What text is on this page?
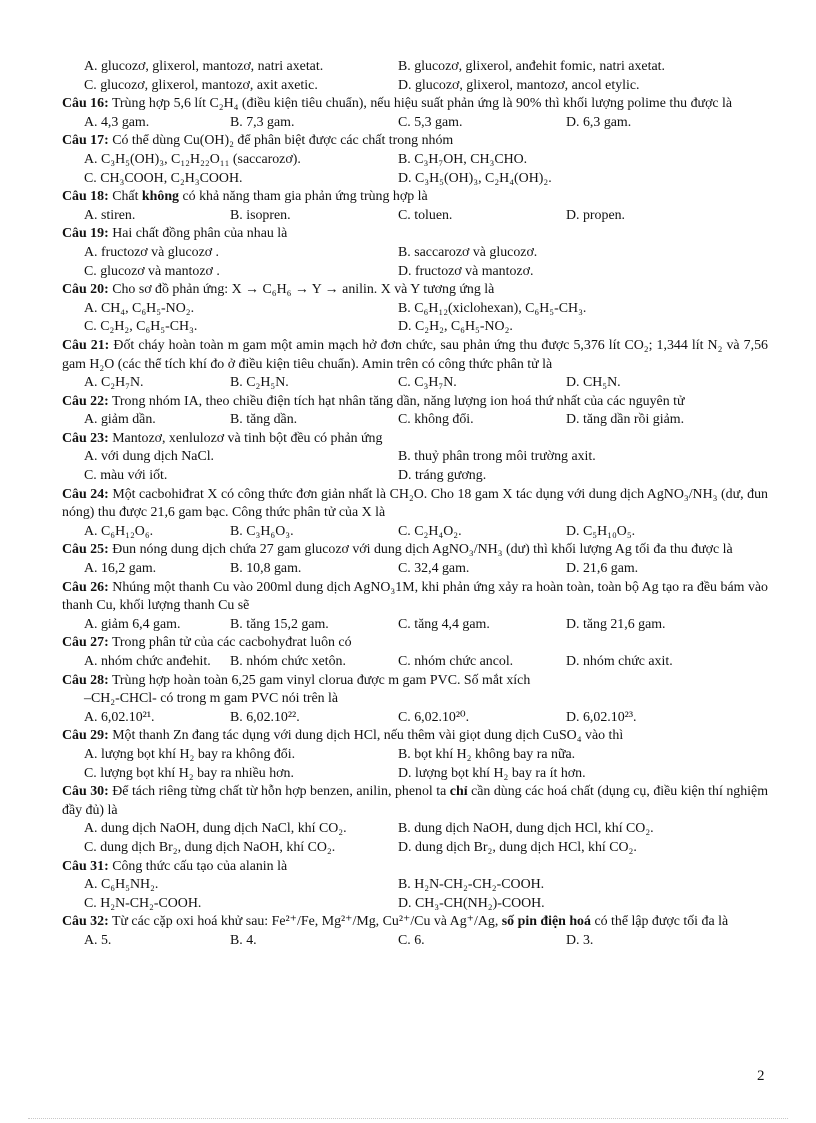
A. glucozơ, glixerol, mantozơ, natri axetat.	B. glucozơ, glixerol, anđehit fomic, natri axetat.
C. glucozơ, glixerol, mantozơ, axit axetic.	D. glucozơ, glixerol, mantozơ, ancol etylic.
Câu 16: Trùng hợp 5,6 lít C₂H₄ (điều kiện tiêu chuẩn), nếu hiệu suất phản ứng là 90% thì khối lượng polime thu được là
A. 4,3 gam.	B. 7,3 gam.	C. 5,3 gam.	D. 6,3 gam.
Câu 17: Có thể dùng Cu(OH)₂ để phân biệt được các chất trong nhóm
A. C₃H₅(OH)₃, C₁₂H₂₂O₁₁ (saccarozơ).	B. C₃H₇OH, CH₃CHO.
C. CH₃COOH, C₂H₃COOH.	D. C₃H₅(OH)₃, C₂H₄(OH)₂.
Câu 18: Chất không có khả năng tham gia phản ứng trùng hợp là
A. stiren.	B. isopren.	C. toluen.	D. propen.
Câu 19: Hai chất đồng phân của nhau là
A. fructozơ và glucozơ .	B. saccarozơ và glucozơ.
C. glucozơ và mantozơ .	D. fructozơ và mantozơ.
Câu 20: Cho sơ đồ phản ứng: X → C₆H₆ → Y → anilin. X và Y tương ứng là
A. CH₄, C₆H₅-NO₂.	B. C₆H₁₂(xiclohexan), C₆H₅-CH₃.
C. C₂H₂, C₆H₅-CH₃.	D. C₂H₂, C₆H₅-NO₂.
Câu 21: Đốt cháy hoàn toàn m gam một amin mạch hở đơn chức, sau phản ứng thu được 5,376 lít CO₂; 1,344 lít N₂ và 7,56 gam H₂O (các thể tích khí đo ở điều kiện tiêu chuẩn). Amin trên có công thức phân tử là
A. C₂H₇N.	B. C₂H₅N.	C. C₃H₇N.	D. CH₅N.
Câu 22: Trong nhóm IA, theo chiều điện tích hạt nhân tăng dần, năng lượng ion hoá thứ nhất của các nguyên tử
A. giảm dần.	B. tăng dần.	C. không đổi.	D. tăng dần rồi giảm.
Câu 23: Mantozơ, xenlulozơ và tinh bột đều có phản ứng
A. với dung dịch NaCl.	B. thuỷ phân trong môi trường axit.
C. màu với iốt.	D. tráng gương.
Câu 24: Một cacbohiđrat X có công thức đơn giản nhất là CH₂O. Cho 18 gam X tác dụng với dung dịch AgNO₃/NH₃ (dư, đun nóng) thu được 21,6 gam bạc. Công thức phân tử của X là
A. C₆H₁₂O₆.	B. C₃H₆O₃.	C. C₂H₄O₂.	D. C₅H₁₀O₅.
Câu 25: Đun nóng dung dịch chứa 27 gam glucozơ với dung dịch AgNO₃/NH₃ (dư) thì khối lượng Ag tối đa thu được là
A. 16,2 gam.	B. 10,8 gam.	C. 32,4 gam.	D. 21,6 gam.
Câu 26: Nhúng một thanh Cu vào 200ml dung dịch AgNO₃1M, khi phản ứng xảy ra hoàn toàn, toàn bộ Ag tạo ra đều bám vào thanh Cu, khối lượng thanh Cu sẽ
A. giảm 6,4 gam.	B. tăng 15,2 gam.	C. tăng 4,4 gam.	D. tăng 21,6 gam.
Câu 27: Trong phân tử của các cacbohyđrat luôn có
A. nhóm chức anđehit.	B. nhóm chức xetôn.	C. nhóm chức ancol.	D. nhóm chức axit.
Câu 28: Trùng hợp hoàn toàn 6,25 gam vinyl clorua được m gam PVC. Số mắt xích
–CH₂-CHCl- có trong m gam PVC nói trên là
A. 6,02.10²¹.	B. 6,02.10²².	C. 6,02.10²⁰.	D. 6,02.10²³.
Câu 29: Một thanh Zn đang tác dụng với dung dịch HCl, nếu thêm vài giọt dung dịch CuSO₄ vào thì
A. lượng bọt khí H₂ bay ra không đổi.	B. bọt khí H₂ không bay ra nữa.
C. lượng bọt khí H₂ bay ra nhiều hơn.	D. lượng bọt khí H₂ bay ra ít hơn.
Câu 30: Để tách riêng từng chất từ hỗn hợp benzen, anilin, phenol ta chỉ cần dùng các hoá chất (dụng cụ, điều kiện thí nghiệm đầy đủ) là
A. dung dịch NaOH, dung dịch NaCl, khí CO₂.	B. dung dịch NaOH, dung dịch HCl, khí CO₂.
C. dung dịch Br₂, dung dịch NaOH, khí CO₂.	D. dung dịch Br₂, dung dịch HCl, khí CO₂.
Câu 31: Công thức cấu tạo của alanin là
A. C₆H₅NH₂.	B. H₂N-CH₂-CH₂-COOH.
C. H₂N-CH₂-COOH.	D. CH₃-CH(NH₂)-COOH.
Câu 32: Từ các cặp oxi hoá khử sau: Fe²⁺/Fe, Mg²⁺/Mg, Cu²⁺/Cu và Ag⁺/Ag, số pin điện hoá có thể lập được tối đa là
A. 5.	B. 4.	C. 6.	D. 3.
2
